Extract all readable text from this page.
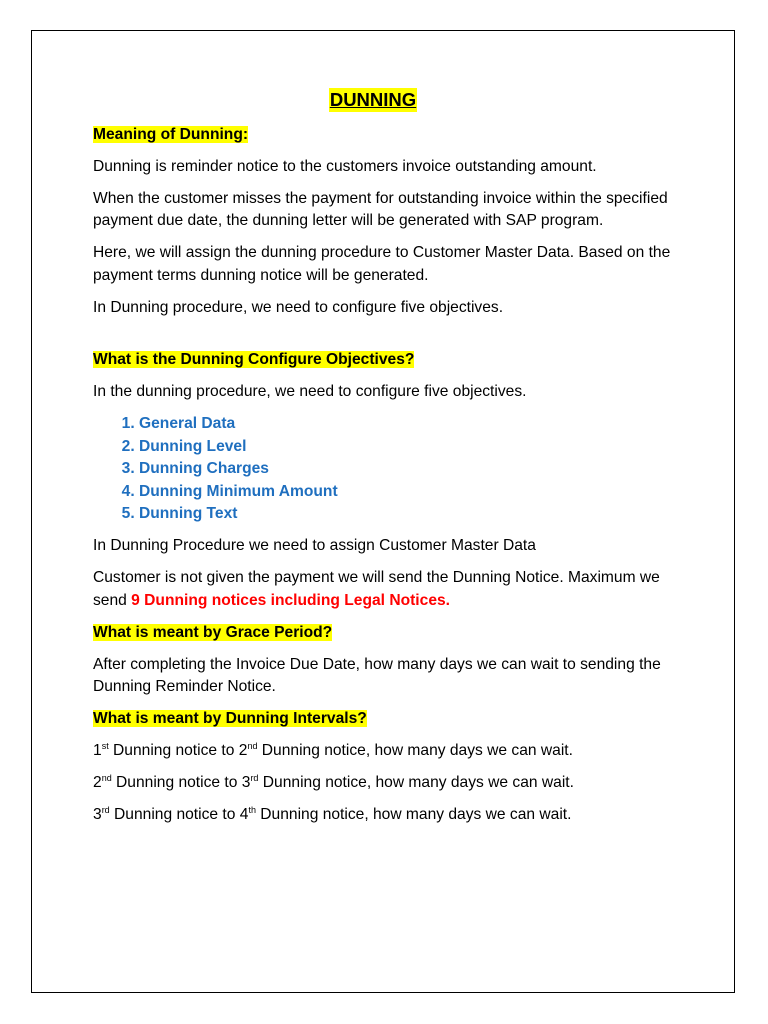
DUNNING

Meaning of Dunning:

Dunning is reminder notice to the customers invoice outstanding amount.

When the customer misses the payment for outstanding invoice within the specified payment due date, the dunning letter will be generated with SAP program.

Here, we will assign the dunning procedure to Customer Master Data. Based on the payment terms dunning notice will be generated.

In Dunning procedure, we need to configure five objectives.

What is the Dunning Configure Objectives?

In the dunning procedure, we need to configure five objectives.

1. General Data
2. Dunning Level
3. Dunning Charges
4. Dunning Minimum Amount
5. Dunning Text

In Dunning Procedure we need to assign Customer Master Data

Customer is not given the payment we will send the Dunning Notice. Maximum we send 9 Dunning notices including Legal Notices.

What is meant by Grace Period?

After completing the Invoice Due Date, how many days we can wait to sending the Dunning Reminder Notice.

What is meant by Dunning Intervals?

1st Dunning notice to 2nd Dunning notice, how many days we can wait.

2nd Dunning notice to 3rd Dunning notice, how many days we can wait.

3rd Dunning notice to 4th Dunning notice, how many days we can wait.
